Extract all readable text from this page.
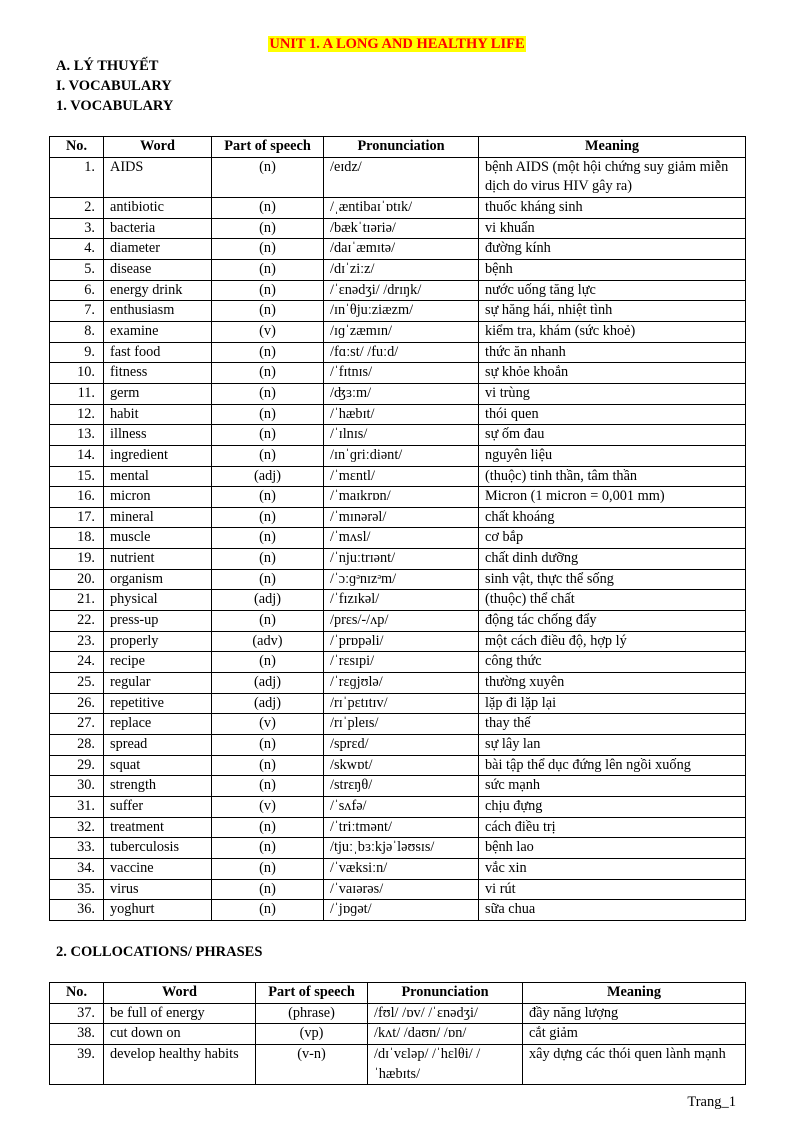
UNIT 1. A LONG AND HEALTHY LIFE
A. LÝ THUYẾT
I. VOCABULARY
1. VOCABULARY
No.	Word	Part of speech	Pronunciation	Meaning
1.	AIDS	(n)	/eɪdz/	bệnh AIDS (một hội chứng suy giảm miễn dịch do virus HIV gây ra)
2.	antibiotic	(n)	/ˌæntibaɪˈɒtɪk/	thuốc kháng sinh
3.	bacteria	(n)	/bækˈtɪəriə/	vi khuẩn
4.	diameter	(n)	/daɪˈæmɪtə/	đường kính
5.	disease	(n)	/dɪˈziːz/	bệnh
6.	energy drink	(n)	/ˈɛnədʒi/ /drɪŋk/	nước uống tăng lực
7.	enthusiasm	(n)	/ɪnˈθjuːziæzm/	sự hăng hái, nhiệt tình
8.	examine	(v)	/ɪɡˈzæmɪn/	kiểm tra, khám (sức khoẻ)
9.	fast food	(n)	/fɑːst/ /fuːd/	thức ăn nhanh
10.	fitness	(n)	/ˈfɪtnɪs/	sự khỏe khoắn
11.	germ	(n)	/ʤɜːm/	vi trùng
12.	habit	(n)	/ˈhæbɪt/	thói quen
13.	illness	(n)	/ˈɪlnɪs/	sự ốm đau
14.	ingredient	(n)	/ɪnˈɡriːdiənt/	nguyên liệu
15.	mental	(adj)	/ˈmɛntl/	(thuộc) tinh thần, tâm thần
16.	micron	(n)	/ˈmaɪkrɒn/	Micron (1 micron = 0,001 mm)
17.	mineral	(n)	/ˈmɪnərəl/	chất khoáng
18.	muscle	(n)	/ˈmʌsl/	cơ bắp
19.	nutrient	(n)	/ˈnjuːtrɪənt/	chất dinh dưỡng
20.	organism	(n)	/ˈɔːɡᵊnɪzᵊm/	sinh vật, thực thể sống
21.	physical	(adj)	/ˈfɪzɪkəl/	(thuộc) thể chất
22.	press-up	(n)	/prɛs/-/ʌp/	động tác chống đẩy
23.	properly	(adv)	/ˈprɒpəli/	một cách điều độ, hợp lý
24.	recipe	(n)	/ˈrɛsɪpi/	công thức
25.	regular	(adj)	/ˈrɛɡjʊlə/	thường xuyên
26.	repetitive	(adj)	/rɪˈpɛtɪtɪv/	lặp đi lặp lại
27.	replace	(v)	/rɪˈpleɪs/	thay thế
28.	spread	(n)	/sprɛd/	sự lây lan
29.	squat	(n)	/skwɒt/	bài tập thể dục đứng lên ngồi xuống
30.	strength	(n)	/strɛŋθ/	sức mạnh
31.	suffer	(v)	/ˈsʌfə/	chịu đựng
32.	treatment	(n)	/ˈtriːtmənt/	cách điều trị
33.	tuberculosis	(n)	/tjuːˌbɜːkjəˈləʊsɪs/	bệnh lao
34.	vaccine	(n)	/ˈvæksiːn/	vắc xin
35.	virus	(n)	/ˈvaɪərəs/	vi rút
36.	yoghurt	(n)	/ˈjɒɡət/	sữa chua
2. COLLOCATIONS/ PHRASES
No.	Word	Part of speech	Pronunciation	Meaning
37.	be full of energy	(phrase)	/fʊl/ /ɒv/ /ˈɛnədʒi/	đầy năng lượng
38.	cut down on	(vp)	/kʌt/ /daʊn/ /ɒn/	cắt giảm
39.	develop healthy habits	(v-n)	/dɪˈvɛləp/ /ˈhɛlθi/ /ˈhæbɪts/	xây dựng các thói quen lành mạnh
Trang_1
